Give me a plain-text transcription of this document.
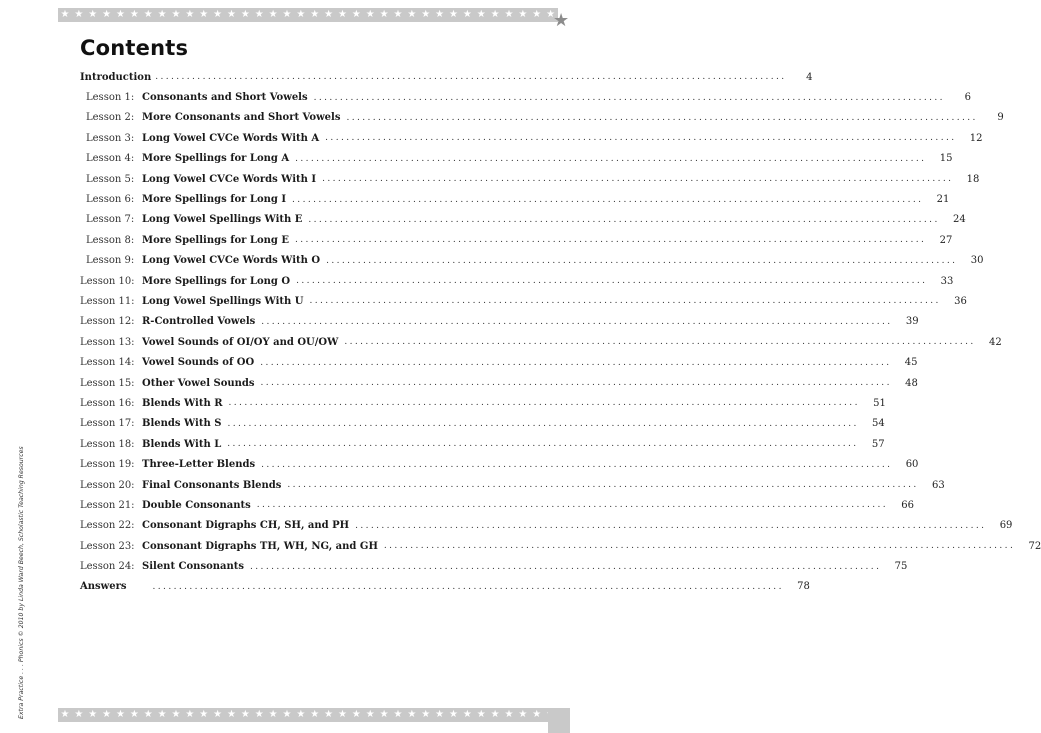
★ ★ ★ ★ ★ ★ ★ ★ ★ ★ ★ ★ ★ ★ ★ ★ ★ ★ ★ ★ ★ ★ ★ ★ ★ ★ ★ ★ ★ ★ ★ ★ ★ ★ ★ ★
★
Contents
Introduction ........................................................................................................................	4
Lesson 1: Consonants and Short Vowels ........................................................................................................................	6
Lesson 2: More Consonants and Short Vowels ........................................................................................................................	9
Lesson 3: Long Vowel CVCe Words With A ........................................................................................................................	12
Lesson 4: More Spellings for Long A ........................................................................................................................	15
Lesson 5: Long Vowel CVCe Words With I ........................................................................................................................	18
Lesson 6: More Spellings for Long I ........................................................................................................................	21
Lesson 7: Long Vowel Spellings With E ........................................................................................................................	24
Lesson 8: More Spellings for Long E ........................................................................................................................	27
Lesson 9: Long Vowel CVCe Words With O ........................................................................................................................	30
Lesson 10: More Spellings for Long O ........................................................................................................................	33
Lesson 11: Long Vowel Spellings With U ........................................................................................................................	36
Lesson 12: R-Controlled Vowels ........................................................................................................................	39
Lesson 13: Vowel Sounds of OI/OY and OU/OW ........................................................................................................................	42
Lesson 14: Vowel Sounds of OO ........................................................................................................................	45
Lesson 15: Other Vowel Sounds ........................................................................................................................	48
Lesson 16: Blends With R ........................................................................................................................	51
Lesson 17: Blends With S ........................................................................................................................	54
Lesson 18: Blends With L ........................................................................................................................	57
Lesson 19: Three-Letter Blends ........................................................................................................................	60
Lesson 20: Final Consonants Blends ........................................................................................................................	63
Lesson 21: Double Consonants ........................................................................................................................	66
Lesson 22: Consonant Digraphs CH, SH, and PH ........................................................................................................................	69
Lesson 23: Consonant Digraphs TH, WH, NG, and GH ........................................................................................................................	72
Lesson 24: Silent Consonants ........................................................................................................................	75
Answers	........................................................................................................................	78
★ ★ ★ ★ ★ ★ ★ ★ ★ ★ ★ ★ ★ ★ ★ ★ ★ ★ ★ ★ ★ ★ ★ ★ ★ ★ ★ ★ ★ ★ ★ ★ ★ ★ ★
Extra Practice . . . Phonics © 2010 by Linda Ward Beech, Scholastic Teaching Resources
